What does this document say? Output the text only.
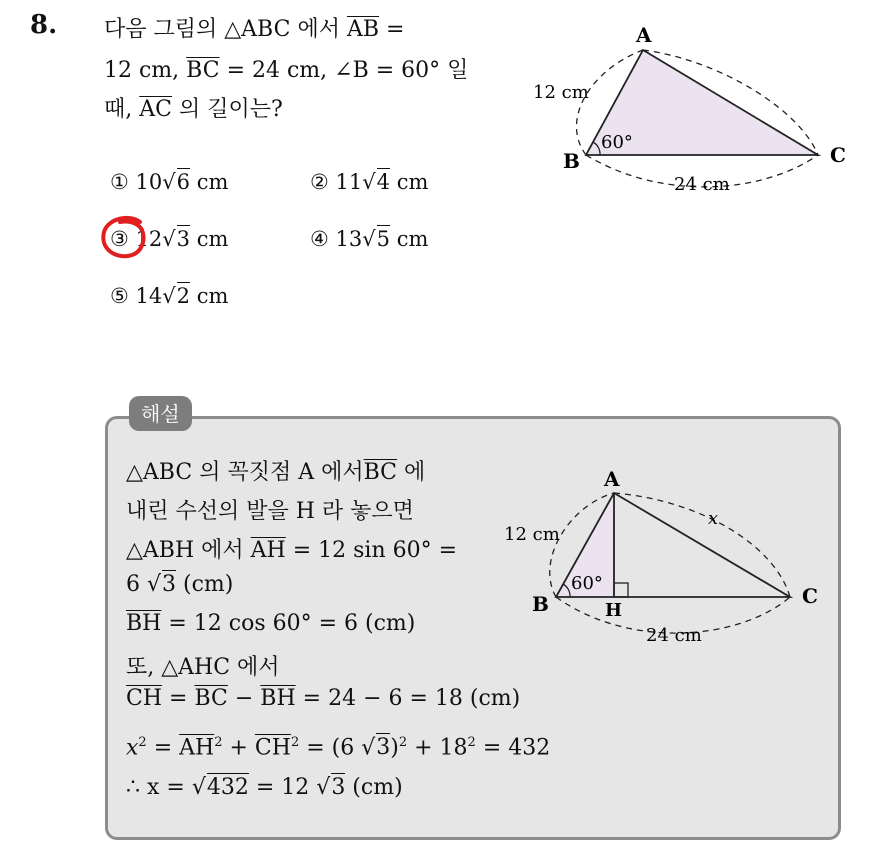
8. 다음 그림의 △ABC 에서 $\overline{AB}$ =
12 cm, $\overline{BC} = 24$ cm, ∠B = 60° 일
때, $\overline{AC}$ 의 길이는?
① 10√6 cm	② 11√4 cm
③ 12√3 cm	④ 13√5 cm
⑤ 14√2 cm
A
B	C
12 cm
24 cm
60°
해설
△ABC 의 꼭짓점 A 에서$\overline{BC}$ 에
내린 수선의 발을 H 라 놓으면
△ABH 에서 $\overline{AH} = 12$ sin 60° =
6 √3 (cm)
$\overline{BH} = 12$ cos 60° = 6 (cm)
또, △AHC 에서
$\overline{CH} = \overline{BC} - \overline{BH} = 24 - 6 = 18$ (cm)
$x^2 = \overline{AH}^2 + \overline{CH}^2 = (6$ $√3)^2 + 18^2 = 432$
∴ x = √432 = 12 √3 (cm)
A
B	C
H
x
12 cm
24 cm
60°
